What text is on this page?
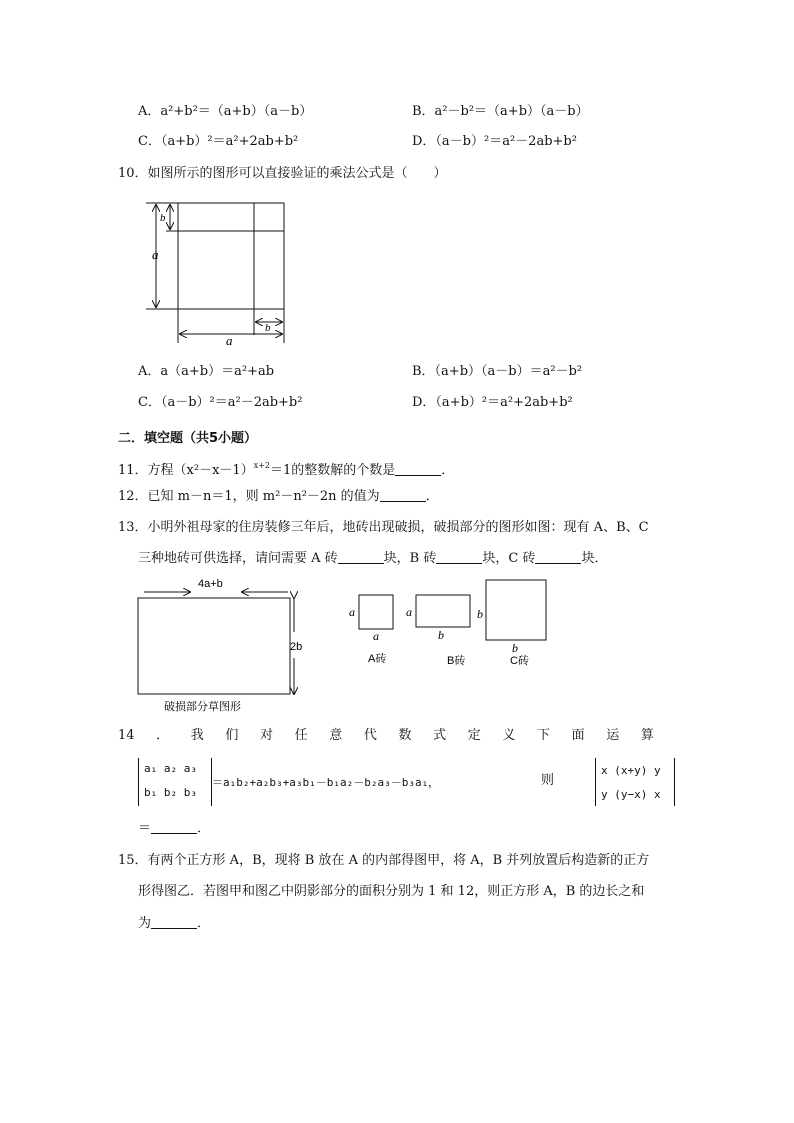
A．a²+b²＝（a+b）（a－b）	B．a²－b²＝（a+b）（a－b）
C．（a+b）²＝a²+2ab+b²	D．（a－b）²＝a²－2ab+b²
10．如图所示的图形可以直接验证的乘法公式是（　　）
b
a
a
b
A．a（a+b）＝a²+ab	B．（a+b）（a－b）＝a²－b²
C．（a－b）²＝a²－2ab+b²	D．（a+b）²＝a²+2ab+b²
二．填空题（共5小题）
11．方程$(x^2-x-1)^{x+2}=1$的整数解的个数是	．
12．已知 m－n＝1，则 m²－n²－2n 的值为	．
13．小明外祖母家的住房装修三年后，地砖出现破损，破损部分的图形如图：现有 A、B、C
三种地砖可供选择，请问需要 A 砖	块，B 砖	块，C 砖	块．
4a+b
2b
破损部分草图形
a
a
A砖
a
b
B砖
b
b
C砖
14 ． 我 们 对 任 意 代 数 式 定 义 下 面 运 算
a₁ a₂ a₃
b₁ b₂ b₃
＝a₁b₂+a₂b₃+a₃b₁－b₁a₂－b₂a₃－b₃a₁，	则
x (x+y) y
y (y−x) x
＝	．
15．有两个正方形 A，B，现将 B 放在 A 的内部得图甲，将 A，B 并列放置后构造新的正方
形得图乙．若图甲和图乙中阴影部分的面积分别为 1 和 12，则正方形 A，B 的边长之和
为	．
